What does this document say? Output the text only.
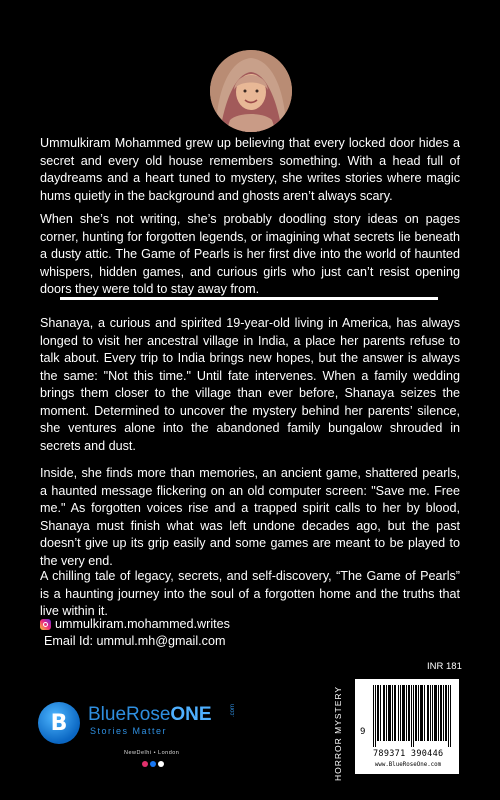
Ummulkiram Mohammed grew up believing that every locked door hides a secret and every old house remembers something. With a head full of daydreams and a heart tuned to mystery, she writes stories where magic hums quietly in the background and ghosts aren’t always scary.

When she’s not writing, she’s probably doodling story ideas on pages corner, hunting for forgotten legends, or imagining what secrets lie beneath a dusty attic. The Game of Pearls is her first dive into the world of haunted whispers, hidden games, and curious girls who just can’t resist opening doors they were told to stay away from.

Shanaya, a curious and spirited 19-year-old living in America, has always longed to visit her ancestral village in India, a place her parents refuse to talk about. Every trip to India brings new hopes, but the answer is always the same: "Not this time." Until fate intervenes. When a family wedding brings them closer to the village than ever before, Shanaya seizes the moment. Determined to uncover the mystery behind her parents’ silence, she ventures alone into the abandoned family bungalow shrouded in secrets and dust.

Inside, she finds more than memories, an ancient game, shattered pearls, a haunted message flickering on an old computer screen: "Save me. Free me." As forgotten voices rise and a trapped spirit calls to her by blood, Shanaya must finish what was left undone decades ago, but the past doesn’t give up its grip easily and some games are meant to be played to the very end.

A chilling tale of legacy, secrets, and self-discovery, “The Game of Pearls” is a haunting journey into the soul of a forgotten home and the truths that live within it.

ummulkiram.mohammed.writes
Email Id: ummul.mh@gmail.com
B	BlueRoseONE	.com
Stories Matter
NewDelhi • London	HORROR MYSTERY
INR 181
9
789371 390446
www.BlueRoseOne.com
